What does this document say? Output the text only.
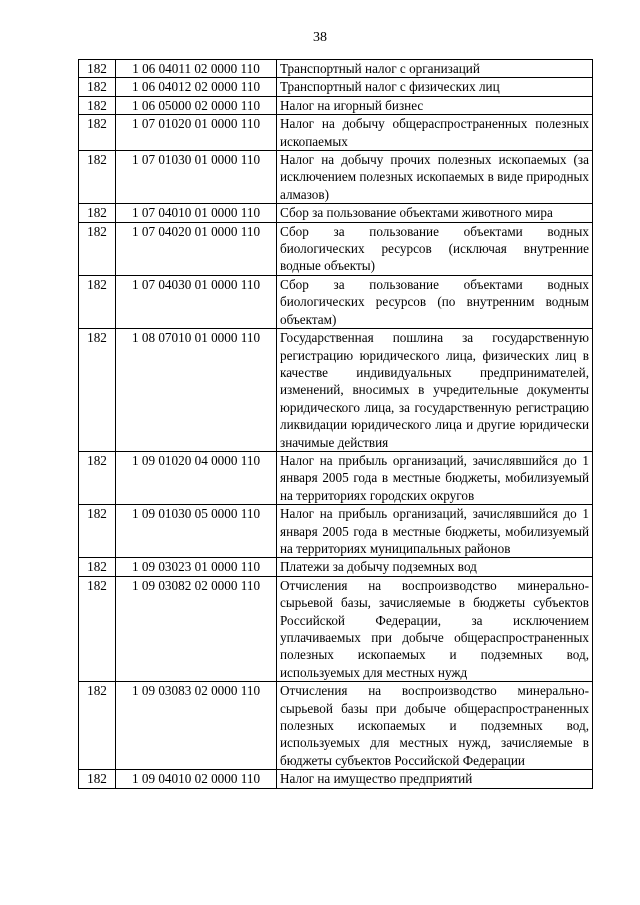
38
182	1 06 04011 02 0000 110	Транспортный налог с организаций
182	1 06 04012 02 0000 110	Транспортный налог с физических лиц
182	1 06 05000 02 0000 110	Налог на игорный бизнес
182	1 07 01020 01 0000 110	Налог на добычу общераспространенных полезных ископаемых
182	1 07 01030 01 0000 110	Налог на добычу прочих полезных ископаемых (за исключением полезных ископаемых в виде природных алмазов)
182	1 07 04010 01 0000 110	Сбор за пользование объектами животного мира
182	1 07 04020 01 0000 110	Сбор за пользование объектами водных биологических ресурсов (исключая внутренние водные объекты)
182	1 07 04030 01 0000 110	Сбор за пользование объектами водных биологических ресурсов (по внутренним водным объектам)
182	1 08 07010 01 0000 110	Государственная пошлина за государственную регистрацию юридического лица, физических лиц в качестве индивидуальных предпринимателей, изменений, вносимых в учредительные документы юридического лица, за государственную регистрацию ликвидации юридического лица и другие юридически значимые действия
182	1 09 01020 04 0000 110	Налог на прибыль организаций, зачислявшийся до 1 января 2005 года в местные бюджеты, мобилизуемый на территориях городских округов
182	1 09 01030 05 0000 110	Налог на прибыль организаций, зачислявшийся до 1 января 2005 года в местные бюджеты, мобилизуемый на территориях муниципальных районов
182	1 09 03023 01 0000 110	Платежи за добычу подземных вод
182	1 09 03082 02 0000 110	Отчисления на воспроизводство минерально-сырьевой базы, зачисляемые в бюджеты субъектов Российской Федерации, за исключением уплачиваемых при добыче общераспространенных полезных ископаемых и подземных вод, используемых для местных нужд
182	1 09 03083 02 0000 110	Отчисления на воспроизводство минерально-сырьевой базы при добыче общераспространенных полезных ископаемых и подземных вод, используемых для местных нужд, зачисляемые в бюджеты субъектов Российской Федерации
182	1 09 04010 02 0000 110	Налог на имущество предприятий
